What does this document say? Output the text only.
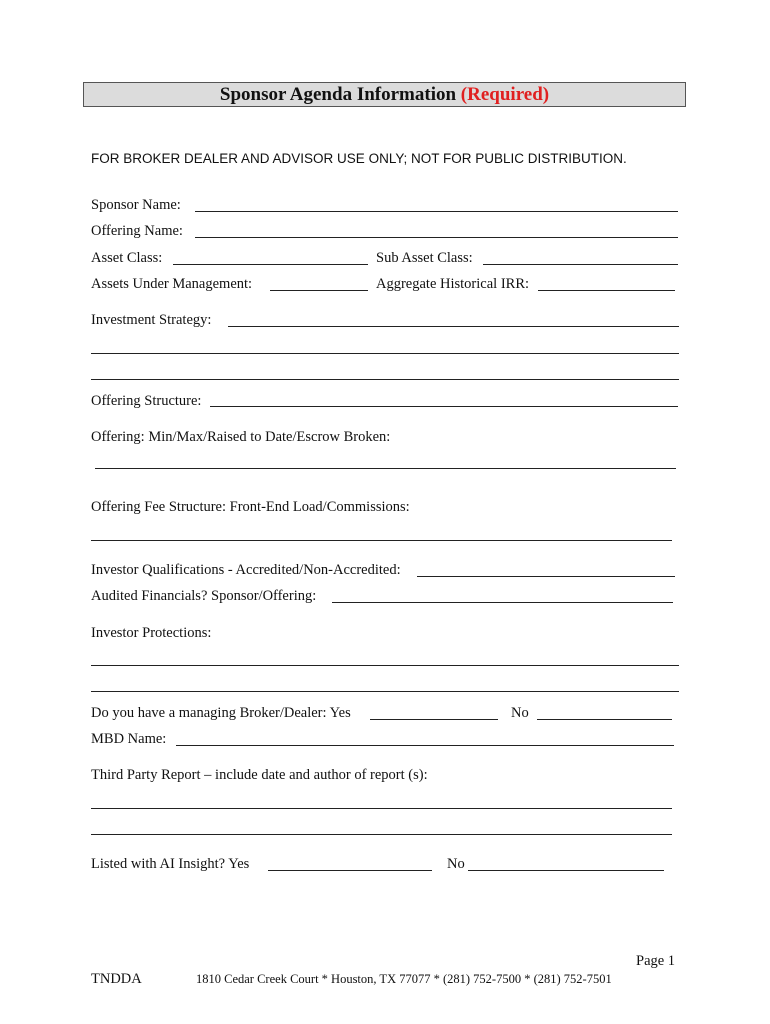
Sponsor Agenda Information (Required)
FOR BROKER DEALER AND ADVISOR USE ONLY; NOT FOR PUBLIC DISTRIBUTION.
Sponsor Name:
Offering Name:
Asset Class:	Sub Asset Class:
Assets Under Management:	Aggregate Historical IRR:
Investment Strategy:
Offering Structure:
Offering: Min/Max/Raised to Date/Escrow Broken:
Offering Fee Structure: Front-End Load/Commissions:
Investor Qualifications - Accredited/Non-Accredited:
Audited Financials? Sponsor/Offering:
Investor Protections:
Do you have a managing Broker/Dealer: Yes	No
MBD Name:
Third Party Report – include date and author of report (s):
Listed with AI Insight? Yes	No
Page 1
TNDDA	1810 Cedar Creek Court * Houston, TX 77077 * (281) 752-7500 * (281) 752-7501
